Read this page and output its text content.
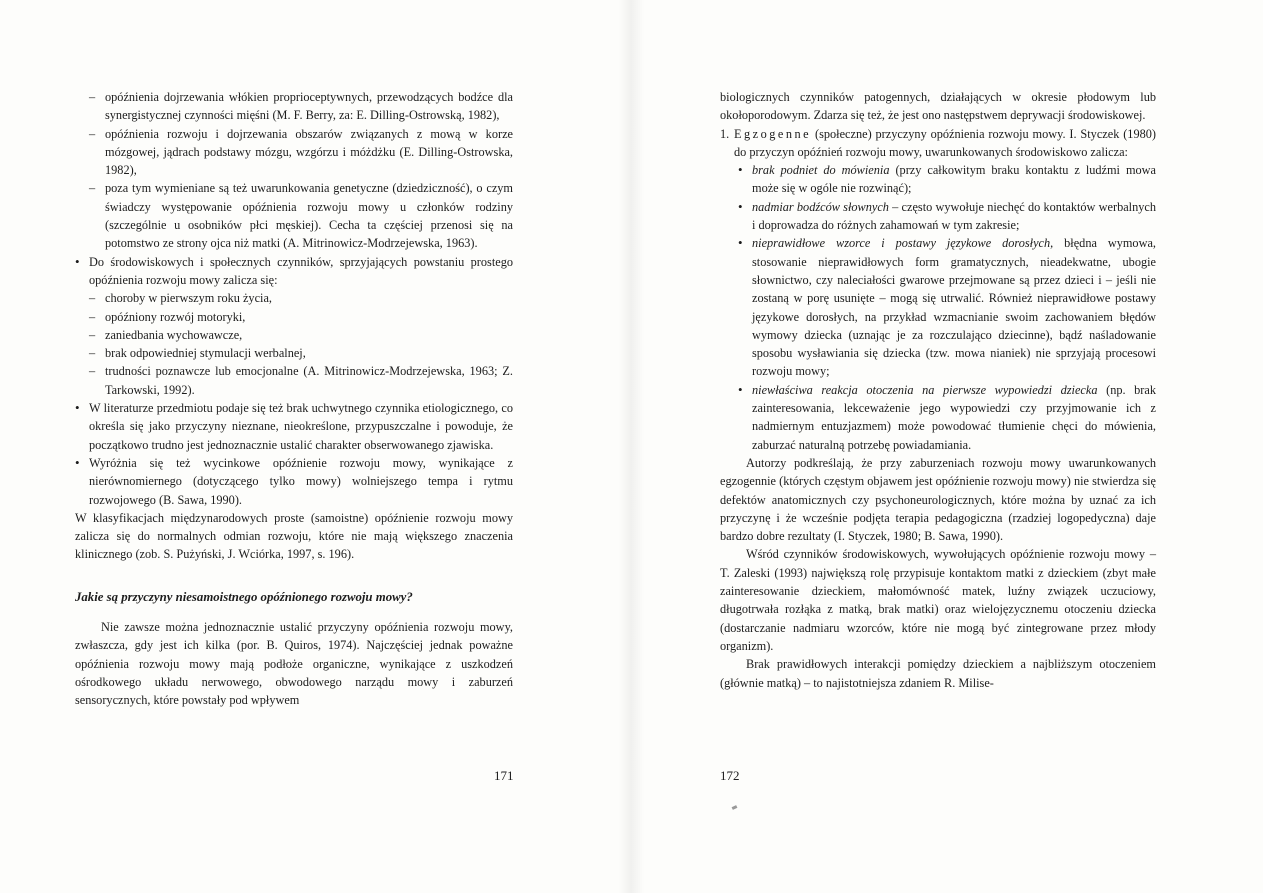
– opóźnienia dojrzewania włókien proprioceptywnych, przewodzących bodźce dla synergistycznej czynności mięśni (M. F. Berry, za: E. Dilling-Ostrowską, 1982),
– opóźnienia rozwoju i dojrzewania obszarów związanych z mową w korze mózgowej, jądrach podstawy mózgu, wzgórzu i móżdżku (E. Dilling-Ostrowska, 1982),
– poza tym wymieniane są też uwarunkowania genetyczne (dziedziczność), o czym świadczy występowanie opóźnienia rozwoju mowy u członków rodziny (szczególnie u osobników płci męskiej). Cecha ta częściej przenosi się na potomstwo ze strony ojca niż matki (A. Mitrinowicz-Modrzejewska, 1963).
• Do środowiskowych i społecznych czynników, sprzyjających powstaniu prostego opóźnienia rozwoju mowy zalicza się:
– choroby w pierwszym roku życia,
– opóźniony rozwój motoryki,
– zaniedbania wychowawcze,
– brak odpowiedniej stymulacji werbalnej,
– trudności poznawcze lub emocjonalne (A. Mitrinowicz-Modrzejewska, 1963; Z. Tarkowski, 1992).
• W literaturze przedmiotu podaje się też brak uchwytnego czynnika etiologicznego, co określa się jako przyczyny nieznane, nieokreślone, przypuszczalne i powoduje, że początkowo trudno jest jednoznacznie ustalić charakter obserwowanego zjawiska.
• Wyróżnia się też wycinkowe opóźnienie rozwoju mowy, wynikające z nierównomiernego (dotyczącego tylko mowy) wolniejszego tempa i rytmu rozwojowego (B. Sawa, 1990).
W klasyfikacjach międzynarodowych proste (samoistne) opóźnienie rozwoju mowy zalicza się do normalnych odmian rozwoju, które nie mają większego znaczenia klinicznego (zob. S. Pużyński, J. Wciórka, 1997, s. 196).
Jakie są przyczyny niesamoistnego opóźnionego rozwoju mowy?
Nie zawsze można jednoznacznie ustalić przyczyny opóźnienia rozwoju mowy, zwłaszcza, gdy jest ich kilka (por. B. Quiros, 1974). Najczęściej jednak poważne opóźnienia rozwoju mowy mają podłoże organiczne, wynikające z uszkodzeń ośrodkowego układu nerwowego, obwodowego narządu mowy i zaburzeń sensorycznych, które powstały pod wpływem
171
biologicznych czynników patogennych, działających w okresie płodowym lub okołoporodowym. Zdarza się też, że jest ono następstwem deprywacji środowiskowej.
1. Egzogenne (społeczne) przyczyny opóźnienia rozwoju mowy. I. Styczek (1980) do przyczyn opóźnień rozwoju mowy, uwarunkowanych środowiskowo zalicza:
• brak podniet do mówienia (przy całkowitym braku kontaktu z ludźmi mowa może się w ogóle nie rozwinąć);
• nadmiar bodźców słownych – często wywołuje niechęć do kontaktów werbalnych i doprowadza do różnych zahamowań w tym zakresie;
• nieprawidłowe wzorce i postawy językowe dorosłych, błędna wymowa, stosowanie nieprawidłowych form gramatycznych, nieadekwatne, ubogie słownictwo, czy naleciałości gwarowe przejmowane są przez dzieci i – jeśli nie zostaną w porę usunięte – mogą się utrwalić. Również nieprawidłowe postawy językowe dorosłych, na przykład wzmacnianie swoim zachowaniem błędów wymowy dziecka (uznając je za rozczulająco dziecinne), bądź naśladowanie sposobu wysławiania się dziecka (tzw. mowa nianiek) nie sprzyjają procesowi rozwoju mowy;
• niewłaściwa reakcja otoczenia na pierwsze wypowiedzi dziecka (np. brak zainteresowania, lekceważenie jego wypowiedzi czy przyjmowanie ich z nadmiernym entuzjazmem) może powodować tłumienie chęci do mówienia, zaburzać naturalną potrzebę powiadamiania.
Autorzy podkreślają, że przy zaburzeniach rozwoju mowy uwarunkowanych egzogennie (których częstym objawem jest opóźnienie rozwoju mowy) nie stwierdza się defektów anatomicznych czy psychoneurologicznych, które można by uznać za ich przyczynę i że wcześnie podjęta terapia pedagogiczna (rzadziej logopedyczna) daje bardzo dobre rezultaty (I. Styczek, 1980; B. Sawa, 1990).
Wśród czynników środowiskowych, wywołujących opóźnienie rozwoju mowy – T. Zaleski (1993) największą rolę przypisuje kontaktom matki z dzieckiem (zbyt małe zainteresowanie dzieckiem, małomówność matek, luźny związek uczuciowy, długotrwała rozłąka z matką, brak matki) oraz wielojęzycznemu otoczeniu dziecka (dostarczanie nadmiaru wzorców, które nie mogą być zintegrowane przez młody organizm).
Brak prawidłowych interakcji pomiędzy dzieckiem a najbliższym otoczeniem (głównie matką) – to najistotniejsza zdaniem R. Milise-
172
